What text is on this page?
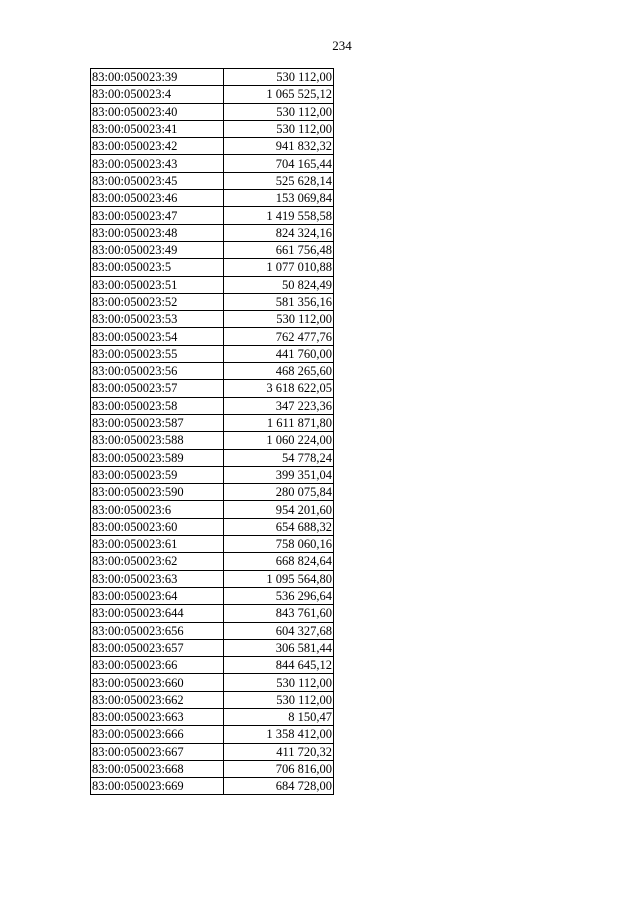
234
83:00:050023:39	530 112,00
83:00:050023:4	1 065 525,12
83:00:050023:40	530 112,00
83:00:050023:41	530 112,00
83:00:050023:42	941 832,32
83:00:050023:43	704 165,44
83:00:050023:45	525 628,14
83:00:050023:46	153 069,84
83:00:050023:47	1 419 558,58
83:00:050023:48	824 324,16
83:00:050023:49	661 756,48
83:00:050023:5	1 077 010,88
83:00:050023:51	50 824,49
83:00:050023:52	581 356,16
83:00:050023:53	530 112,00
83:00:050023:54	762 477,76
83:00:050023:55	441 760,00
83:00:050023:56	468 265,60
83:00:050023:57	3 618 622,05
83:00:050023:58	347 223,36
83:00:050023:587	1 611 871,80
83:00:050023:588	1 060 224,00
83:00:050023:589	54 778,24
83:00:050023:59	399 351,04
83:00:050023:590	280 075,84
83:00:050023:6	954 201,60
83:00:050023:60	654 688,32
83:00:050023:61	758 060,16
83:00:050023:62	668 824,64
83:00:050023:63	1 095 564,80
83:00:050023:64	536 296,64
83:00:050023:644	843 761,60
83:00:050023:656	604 327,68
83:00:050023:657	306 581,44
83:00:050023:66	844 645,12
83:00:050023:660	530 112,00
83:00:050023:662	530 112,00
83:00:050023:663	8 150,47
83:00:050023:666	1 358 412,00
83:00:050023:667	411 720,32
83:00:050023:668	706 816,00
83:00:050023:669	684 728,00
